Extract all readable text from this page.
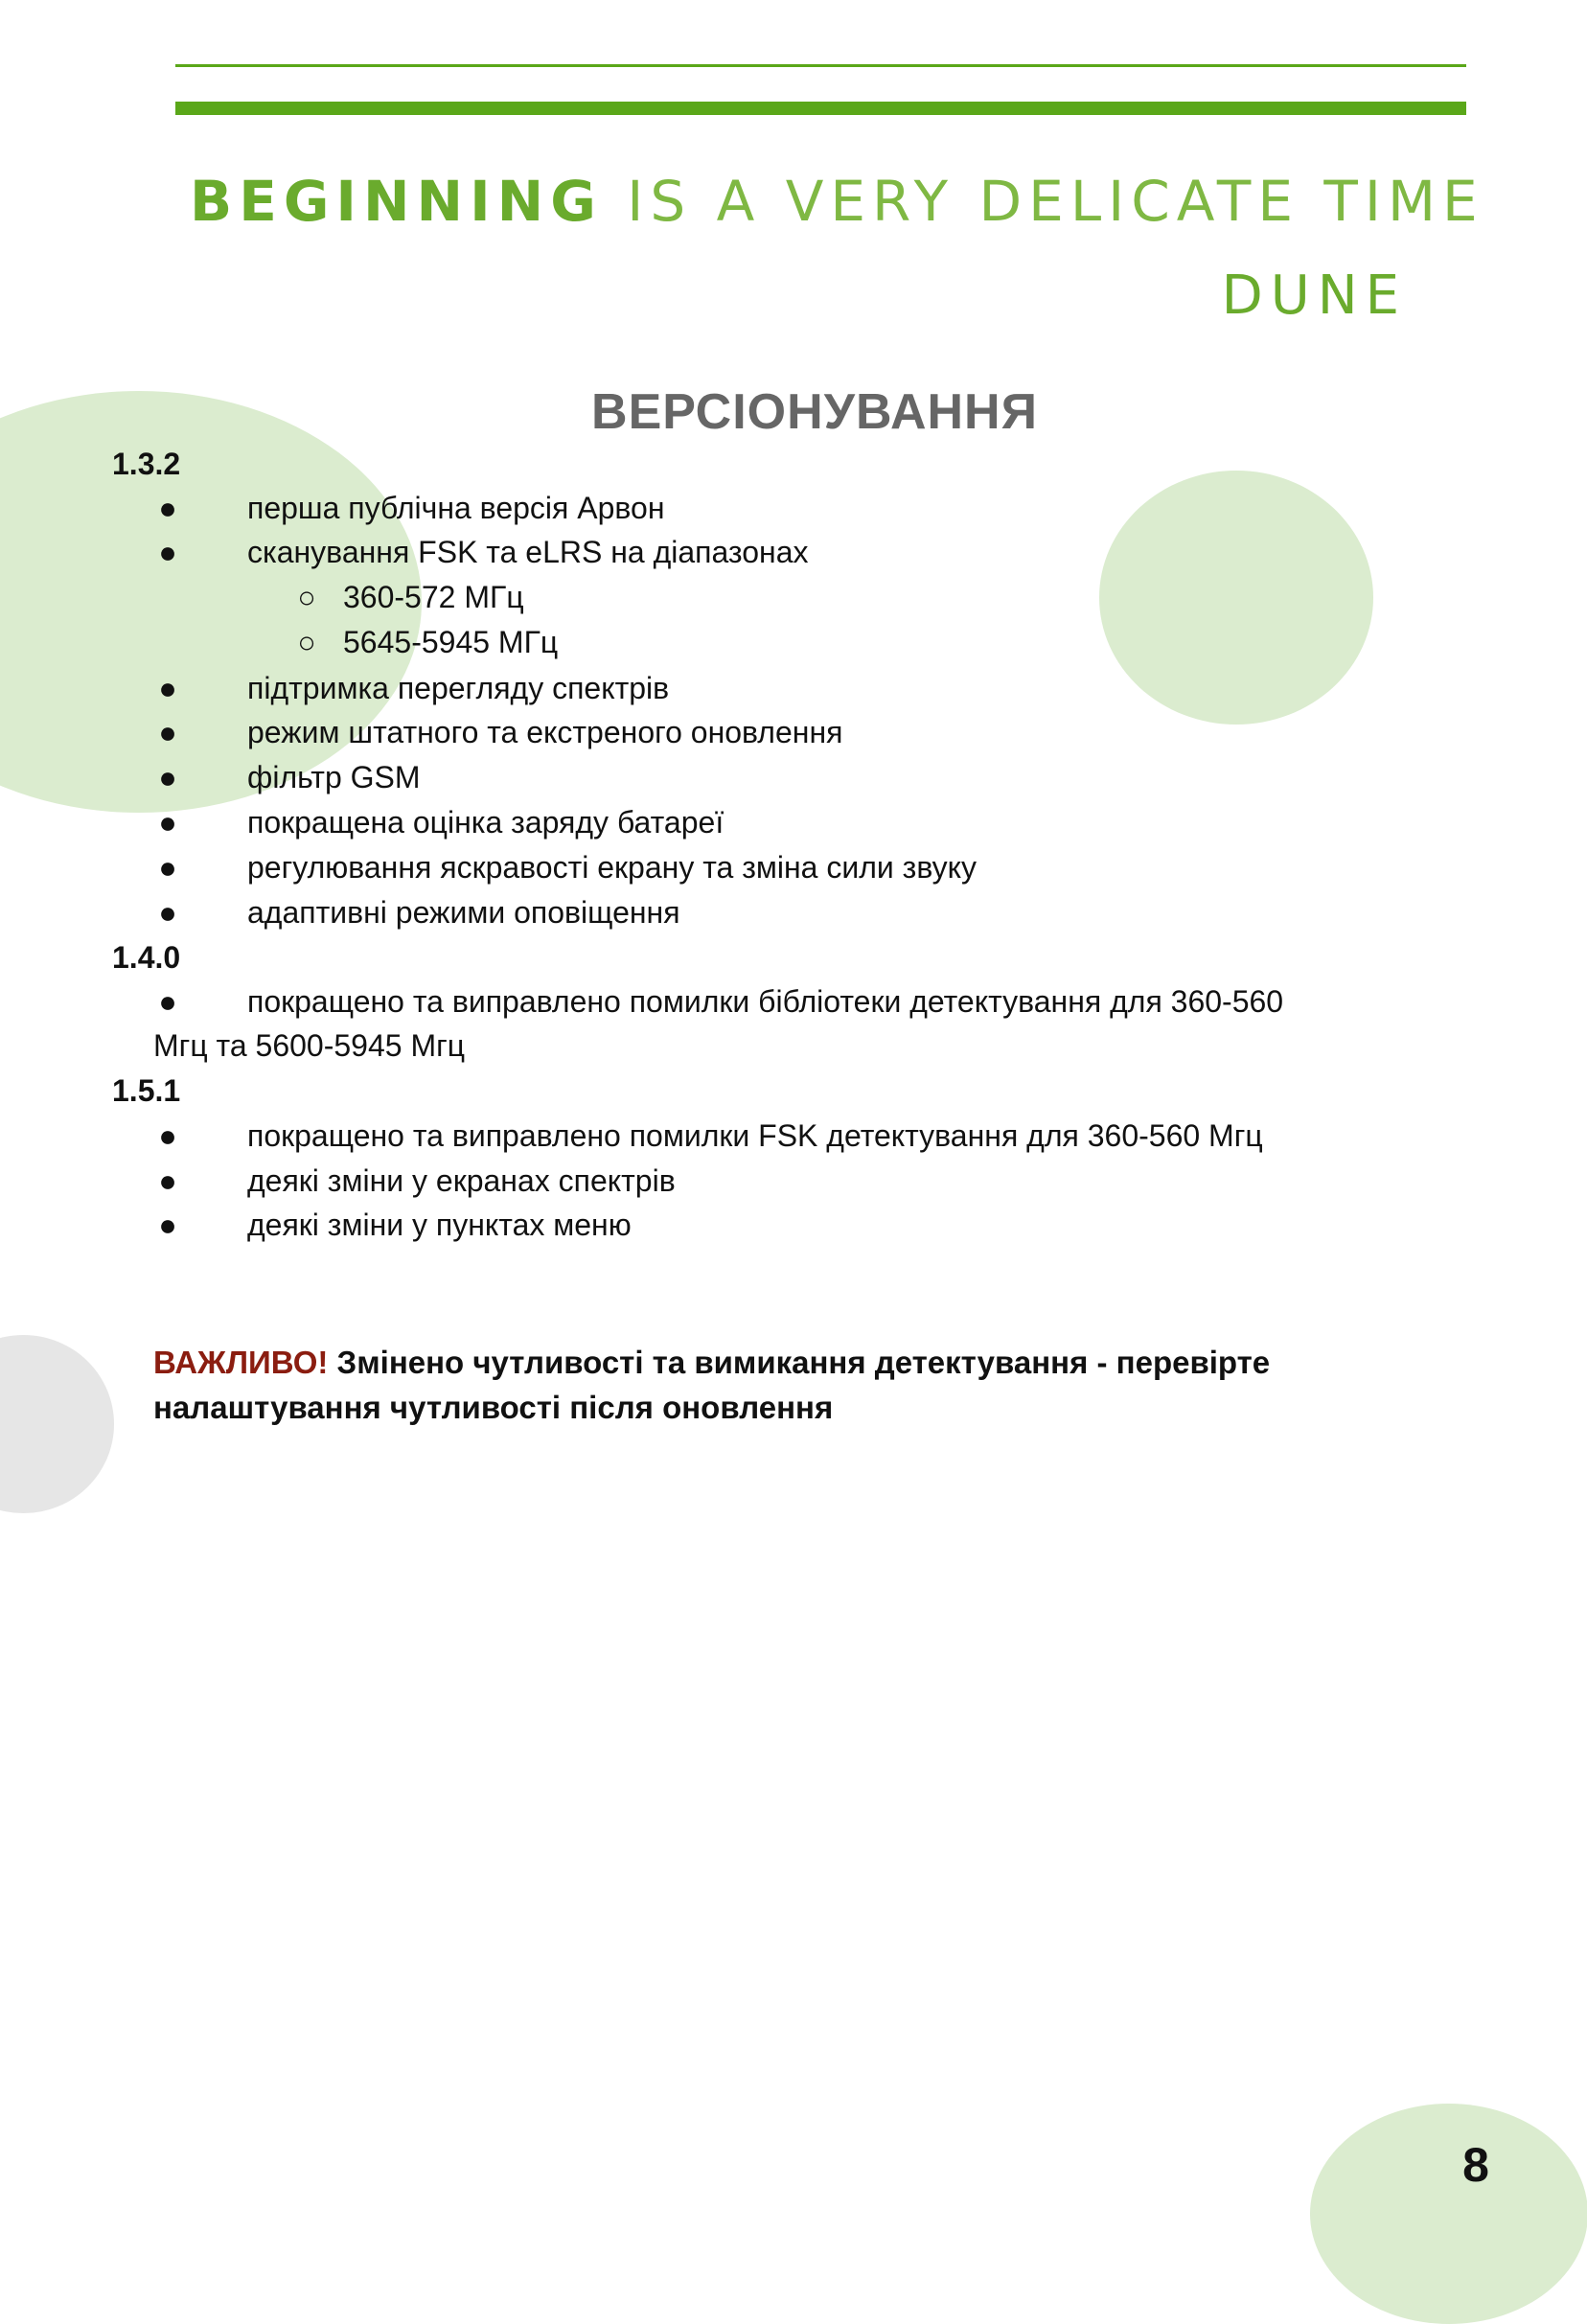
BEGINNING IS A VERY DELICATE TIME
DUNE
ВЕРСІОНУВАННЯ
1.3.2
● перша публічна версія Арвон
● сканування FSK та eLRS на діапазонах
○ 360-572 МГц
○ 5645-5945 МГц
● підтримка перегляду спектрів
● режим штатного та екстреного оновлення
● фільтр GSM
● покращена оцінка заряду батареї
● регулювання яскравості екрану та зміна сили звуку
● адаптивні режими оповіщення
1.4.0
● покращено та виправлено помилки бібліотеки детектування для 360-560
Мгц та 5600-5945 Мгц
1.5.1
● покращено та виправлено помилки FSK детектування для 360-560 Мгц
● деякі зміни у екранах спектрів
● деякі зміни у пунктах меню
ВАЖЛИВО! Змінено чутливості та вимикання детектування - перевірте налаштування чутливості після оновлення
8
